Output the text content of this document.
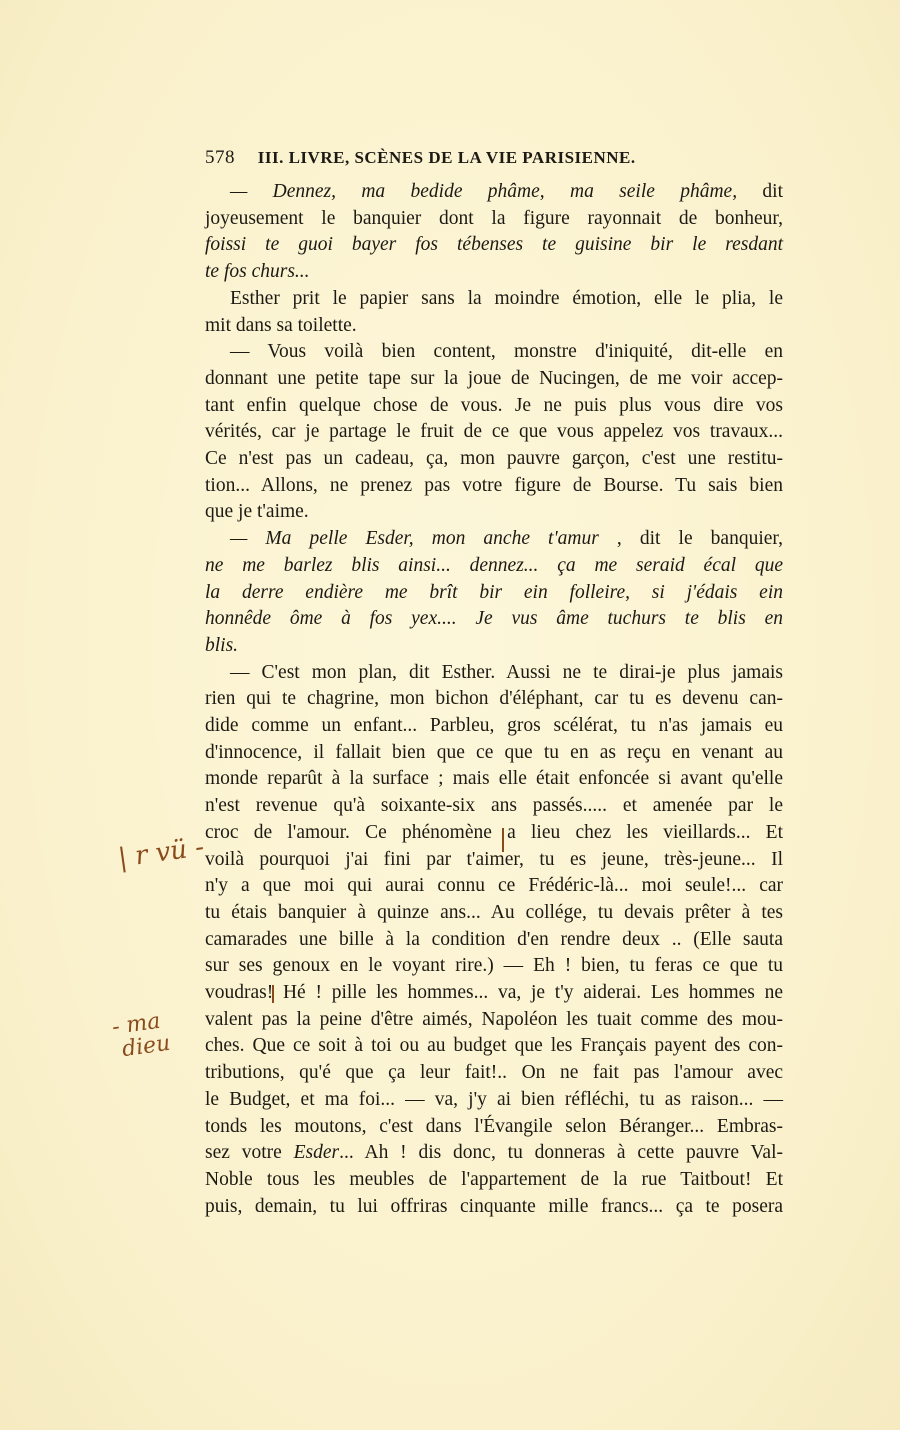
578 III. LIVRE, SCÈNES DE LA VIE PARISIENNE.
— Dennez, ma bedide phâme, ma seile phâme, dit
joyeusement le banquier dont la figure rayonnait de bonheur,
foissi te guoi bayer fos tébenses te guisine bir le resdant
te fos churs...
Esther prit le papier sans la moindre émotion, elle le plia, le
mit dans sa toilette.
— Vous voilà bien content, monstre d'iniquité, dit-elle en
donnant une petite tape sur la joue de Nucingen, de me voir accep-
tant enfin quelque chose de vous. Je ne puis plus vous dire vos
vérités, car je partage le fruit de ce que vous appelez vos travaux...
Ce n'est pas un cadeau, ça, mon pauvre garçon, c'est une restitu-
tion... Allons, ne prenez pas votre figure de Bourse. Tu sais bien
que je t'aime.
— Ma pelle Esder, mon anche t'amur , dit le banquier,
ne me barlez blis ainsi... dennez... ça me seraid écal que
la derre endière me brît bir ein folleire, si j'édais ein
honnêde ôme à fos yex.... Je vus âme tuchurs te blis en
blis.
— C'est mon plan, dit Esther. Aussi ne te dirai-je plus jamais
rien qui te chagrine, mon bichon d'éléphant, car tu es devenu can-
dide comme un enfant... Parbleu, gros scélérat, tu n'as jamais eu
d'innocence, il fallait bien que ce que tu en as reçu en venant au
monde reparût à la surface ; mais elle était enfoncée si avant qu'elle
n'est revenue qu'à soixante-six ans passés..... et amenée par le
croc de l'amour. Ce phénomène a lieu chez les vieillards... Et
voilà pourquoi j'ai fini par t'aimer, tu es jeune, très-jeune... Il
n'y a que moi qui aurai connu ce Frédéric-là... moi seule!... car
tu étais banquier à quinze ans... Au collége, tu devais prêter à tes
camarades une bille à la condition d'en rendre deux .. (Elle sauta
sur ses genoux en le voyant rire.) — Eh ! bien, tu feras ce que tu
voudras! Hé ! pille les hommes... va, je t'y aiderai. Les hommes ne
valent pas la peine d'être aimés, Napoléon les tuait comme des mou-
ches. Que ce soit à toi ou au budget que les Français payent des con-
tributions, qu'é que ça leur fait!.. On ne fait pas l'amour avec
le Budget, et ma foi... — va, j'y ai bien réfléchi, tu as raison... —
tonds les moutons, c'est dans l'Évangile selon Béranger... Embras-
sez votre Esder... Ah ! dis donc, tu donneras à cette pauvre Val-
Noble tous les meubles de l'appartement de la rue Taitbout! Et
puis, demain, tu lui offriras cinquante mille francs... ça te posera
| r vü -
- ma
dieu
